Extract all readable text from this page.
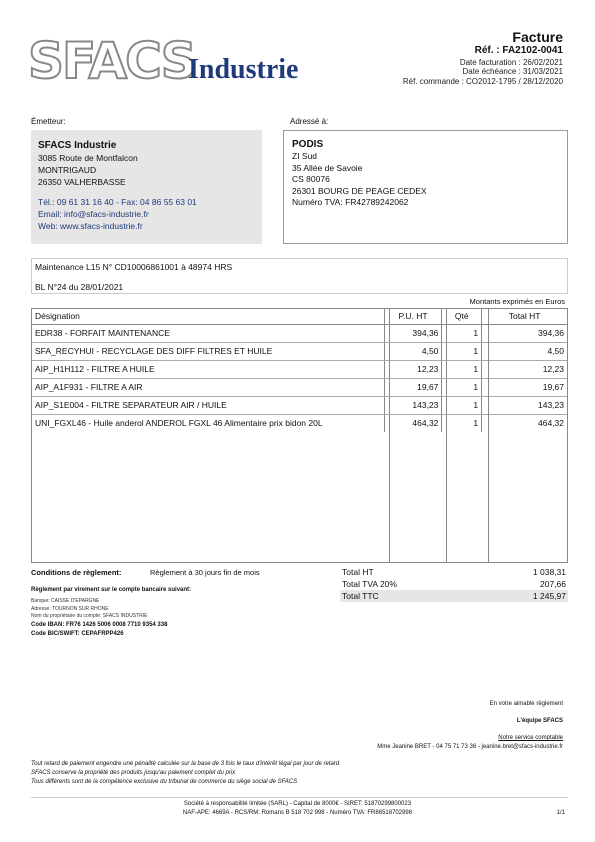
SFACS
Industrie
Facture
Réf. : FA2102-0041
Date facturation : 26/02/2021
Date échéance : 31/03/2021
Réf. commande : CO2012-1795 / 28/12/2020
Émetteur:	Adressé à:
SFACS Industrie
3085 Route de Montfalcon
MONTRIGAUD
26350 VALHERBASSE
Tél.: 09 61 31 16 40 - Fax: 04 86 55 63 01
Email: info@sfacs-industrie.fr
Web: www.sfacs-industrie.fr
PODIS
ZI Sud
35 Allée de Savoie
CS 80076
26301 BOURG DE PEAGE CEDEX
Numéro TVA: FR42789242062
Maintenance L15 N° CD10006861001 à 48974 HRS
BL N°24 du 28/01/2021
Montants exprimés en Euros
Désignation	P.U. HT	Qté	Total HT
EDR38 - FORFAIT MAINTENANCE	394,36	1	394,36
SFA_RECYHUI - RECYCLAGE DES DIFF FILTRES ET HUILE	4,50	1	4,50
AIP_H1H112 - FILTRE A HUILE	12,23	1	12,23
AIP_A1F931 - FILTRE A AIR	19,67	1	19,67
AIP_S1E004 - FILTRE SEPARATEUR AIR / HUILE	143,23	1	143,23
UNI_FGXL46 - Huile anderol ANDEROL FGXL 46 Alimentaire prix bidon 20L	464,32	1	464,32
Conditions de règlement:	Règlement à 30 jours fin de mois
Règlement par virement sur le compte bancaire suivant:
Banque: CAISSE D'EPARGNE
Adresse: TOURNON SUR RHONE
Nom du propriétaire du compte: SFACS INDUSTRIE
Code IBAN: FR76 1426 5006 0008 7710 9354 338
Code BIC/SWIFT: CEPAFRPP426
Total HT	1 038,31
Total TVA 20%	207,66
Total TTC	1 245,97
En votre aimable règlement
L'équipe SFACS
Notre service comptable
Mme Jeanine BRET - 04 75 71 73 36 - jeanine.bret@sfacs-industrie.fr
Tout retard de paiement engendre une pénalité calculée sur la base de 3 fois le taux d'intérêt légal par jour de retard
SFACS conserve la propriété des produits jusqu'au paiement complet du prix
Tous différents sont de la compétence exclusive du tribunal de commerce du siège social de SFACS
Société à responsabilité limitée (SARL) - Capital de 8000€ - SIRET: 51870299800023
NAF-APE: 4669A - RCS/RM: Romans B 518 702 998 - Numéro TVA: FR86518702998	1/1
